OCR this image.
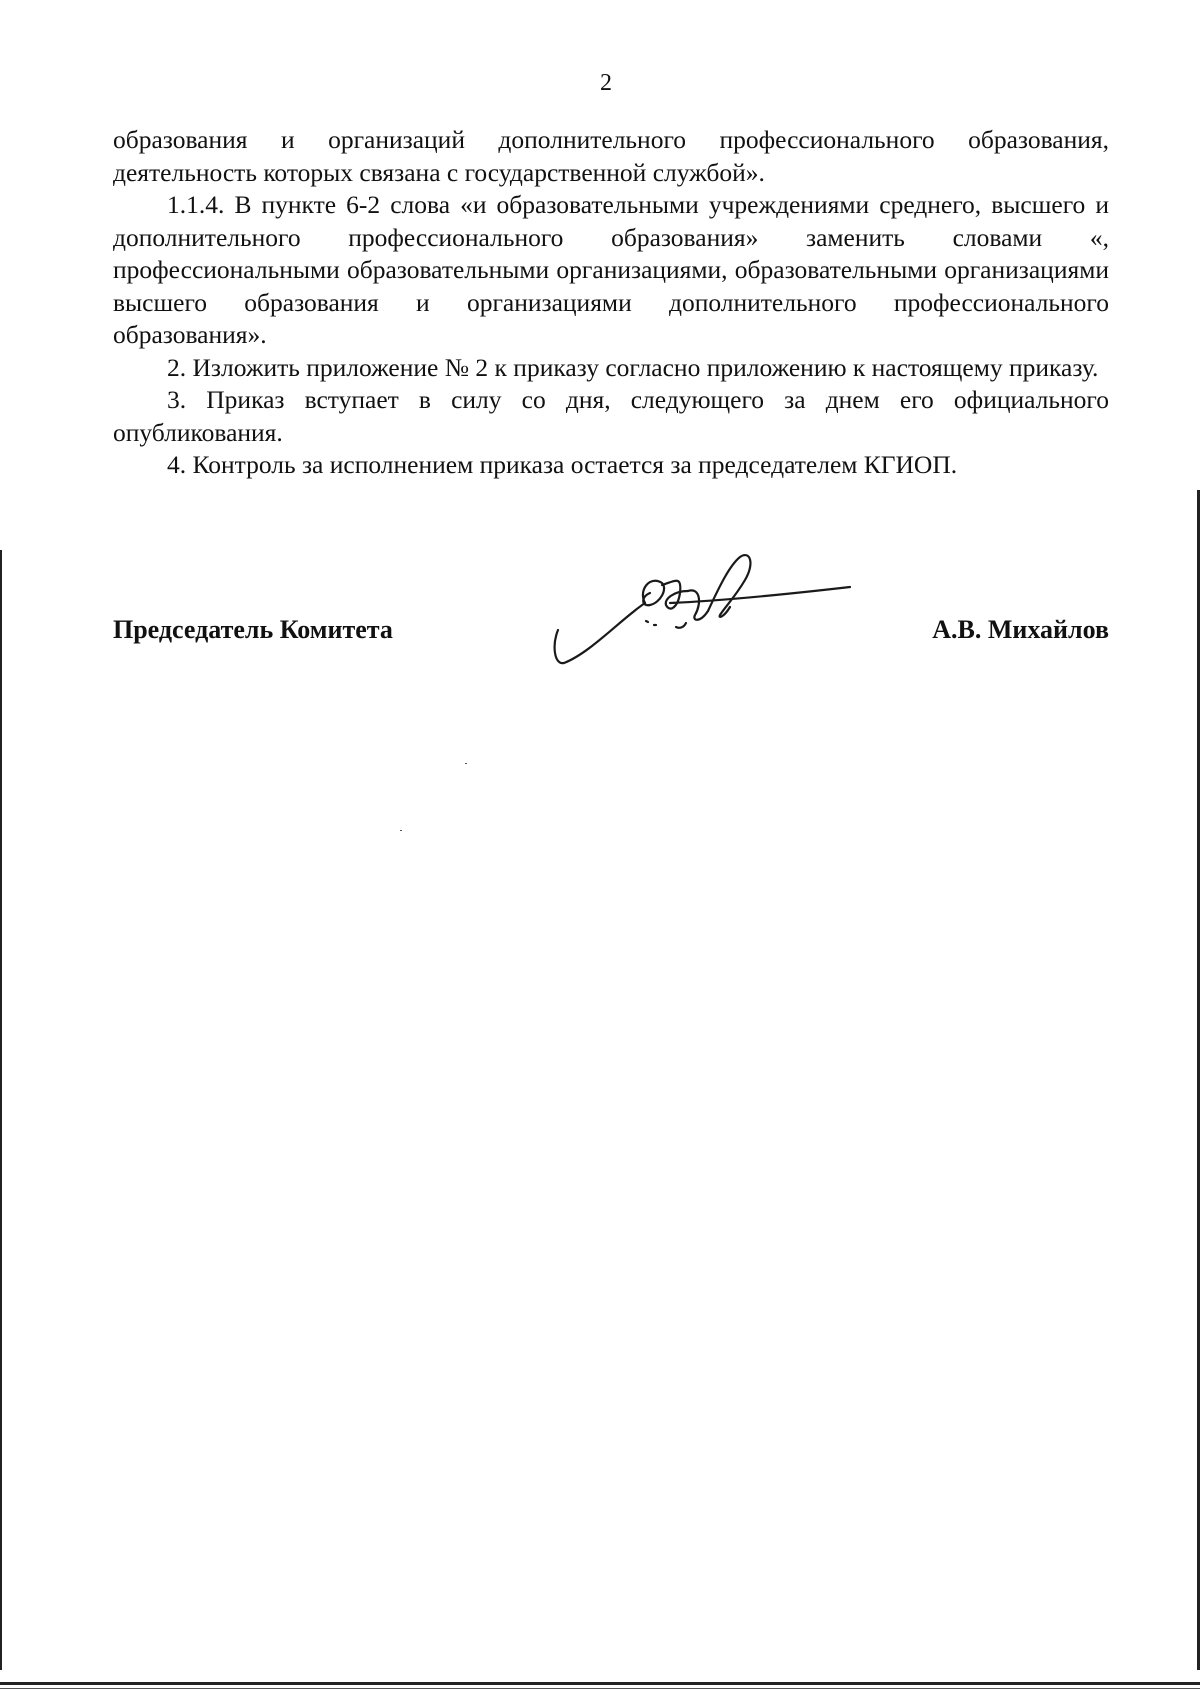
2

образования и организаций дополнительного профессионального образования, деятельность которых связана с государственной службой».

1.1.4. В пункте 6-2 слова «и образовательными учреждениями среднего, высшего и дополнительного профессионального образования» заменить словами «, профессиональными образовательными организациями, образовательными организациями высшего образования и организациями дополнительного профессионального образования».

2. Изложить приложение № 2 к приказу согласно приложению к настоящему приказу.

3. Приказ вступает в силу со дня, следующего за днем его официального опубликования.

4. Контроль за исполнением приказа остается за председателем КГИОП.

Председатель Комитета	А.В. Михайлов
